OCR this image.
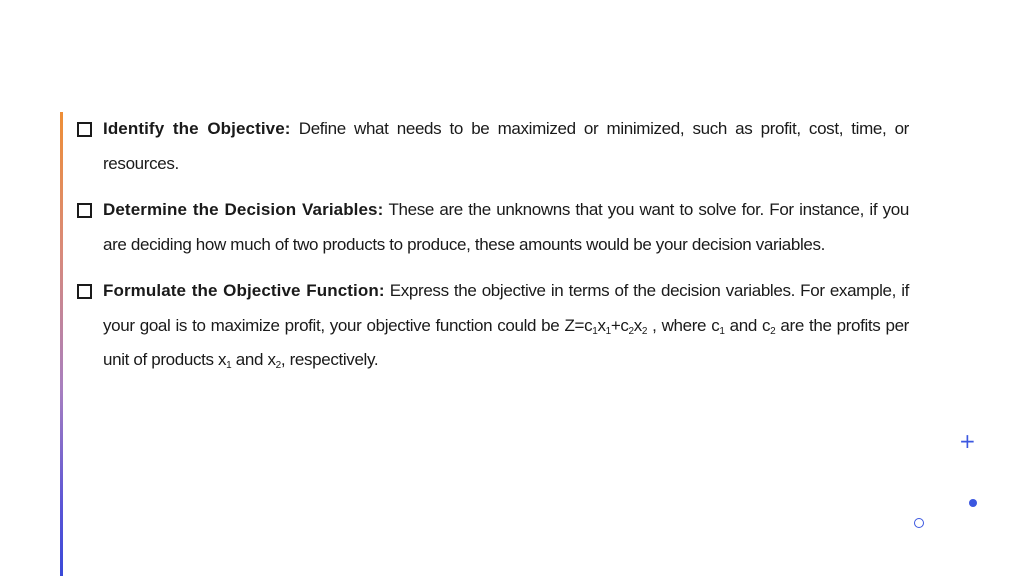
Identify the Objective: Define what needs to be maximized or minimized, such as profit, cost, time, or resources.
Determine the Decision Variables: These are the unknowns that you want to solve for. For instance, if you are deciding how much of two products to produce, these amounts would be your decision variables.
Formulate the Objective Function: Express the objective in terms of the decision variables. For example, if your goal is to maximize profit, your objective function could be $Z=c_1x_1+c_2x_2$ , where $c_1$ and $c_2$ are the profits per unit of products $x_1$ and $x_2$, respectively.
+
